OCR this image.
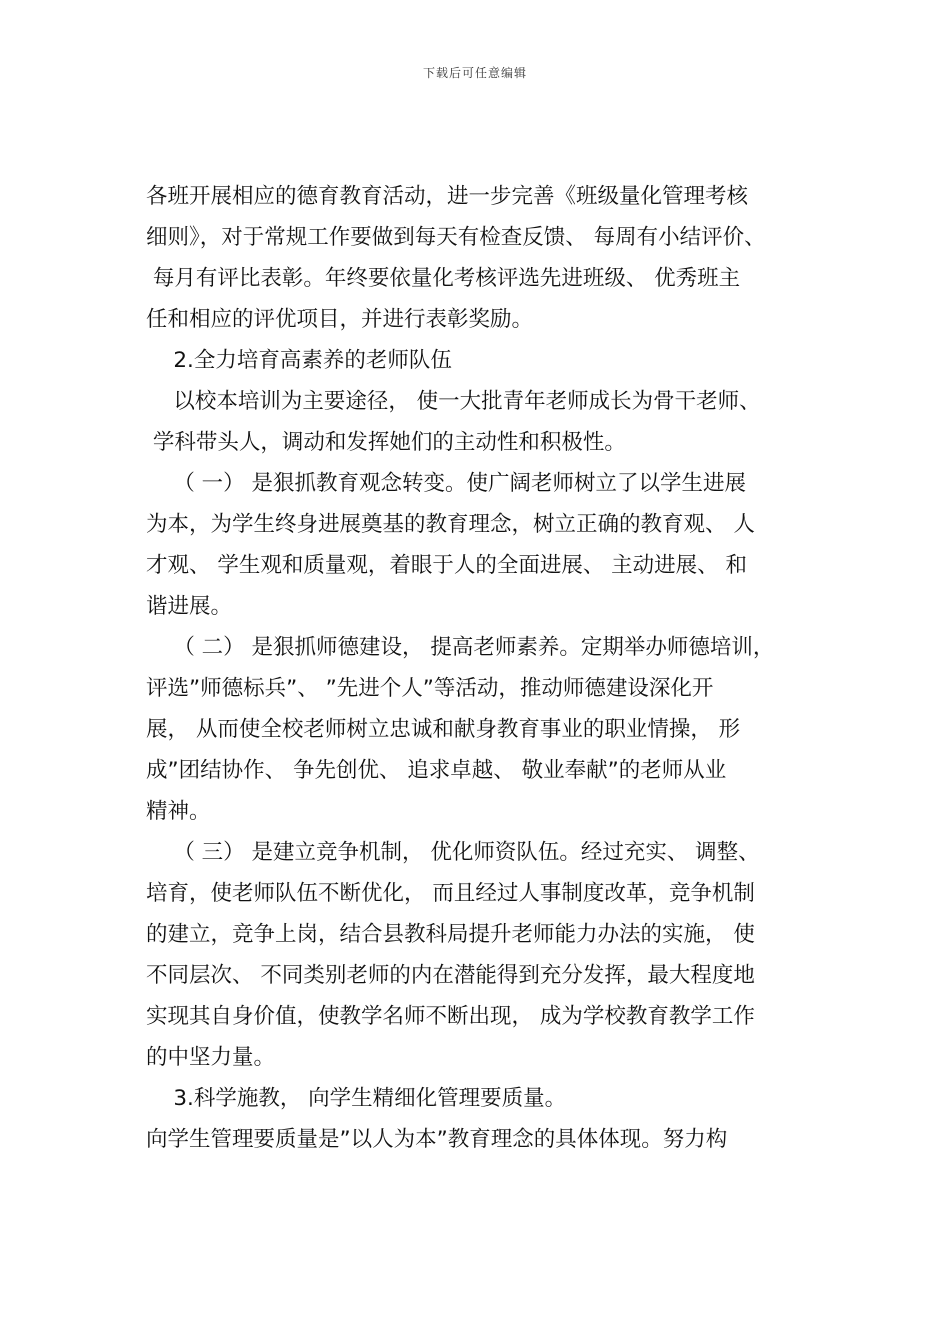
下载后可任意编辑
各班开展相应的德育教育活动，进一步完善《班级量化管理考核
细则》，对于常规工作要做到每天有检查反馈、 每周有小结评价、
每月有评比表彰。年终要依量化考核评选先进班级、 优秀班主
任和相应的评优项目，并进行表彰奖励。
2.全力培育高素养的老师队伍
以校本培训为主要途径， 使一大批青年老师成长为骨干老师、
学科带头人，调动和发挥她们的主动性和积极性。
（ 一） 是狠抓教育观念转变。使广阔老师树立了以学生进展
为本，为学生终身进展奠基的教育理念，树立正确的教育观、 人
才观、 学生观和质量观，着眼于人的全面进展、 主动进展、 和
谐进展。
（ 二） 是狠抓师德建设， 提高老师素养。定期举办师德培训，
评选”师德标兵”、 ”先进个人”等活动，推动师德建设深化开
展， 从而使全校老师树立忠诚和献身教育事业的职业情操， 形
成”团结协作、 争先创优、 追求卓越、 敬业奉献”的老师从业
精神。
（ 三） 是建立竞争机制， 优化师资队伍。经过充实、 调整、
培育，使老师队伍不断优化， 而且经过人事制度改革，竞争机制
的建立，竞争上岗，结合县教科局提升老师能力办法的实施， 使
不同层次、 不同类别老师的内在潜能得到充分发挥，最大程度地
实现其自身价值，使教学名师不断出现， 成为学校教育教学工作
的中坚力量。
3.科学施教， 向学生精细化管理要质量。
向学生管理要质量是”以人为本”教育理念的具体体现。努力构
